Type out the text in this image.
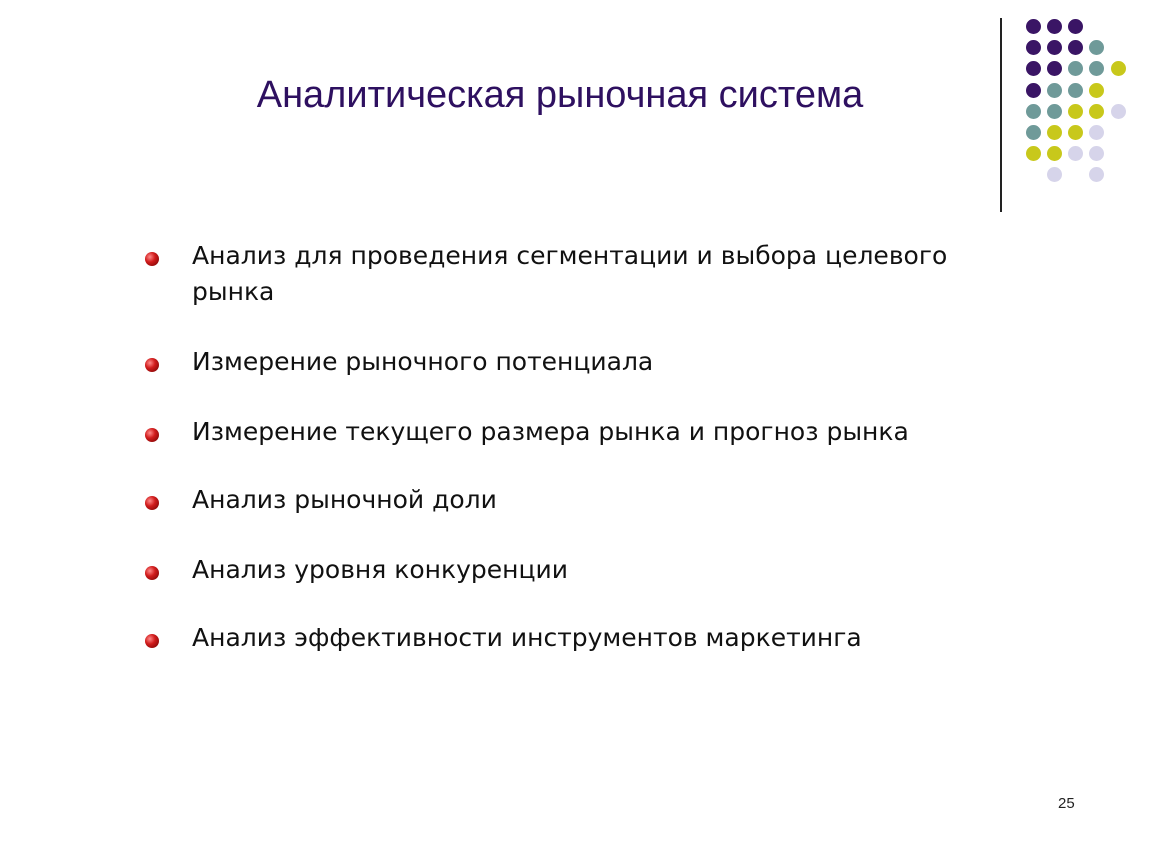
Аналитическая рыночная система
Анализ для проведения сегментации и выбора целевого рынка
Измерение рыночного потенциала
Измерение текущего размера рынка и прогноз рынка
Анализ рыночной доли
Анализ уровня конкуренции
Анализ эффективности инструментов маркетинга
25
